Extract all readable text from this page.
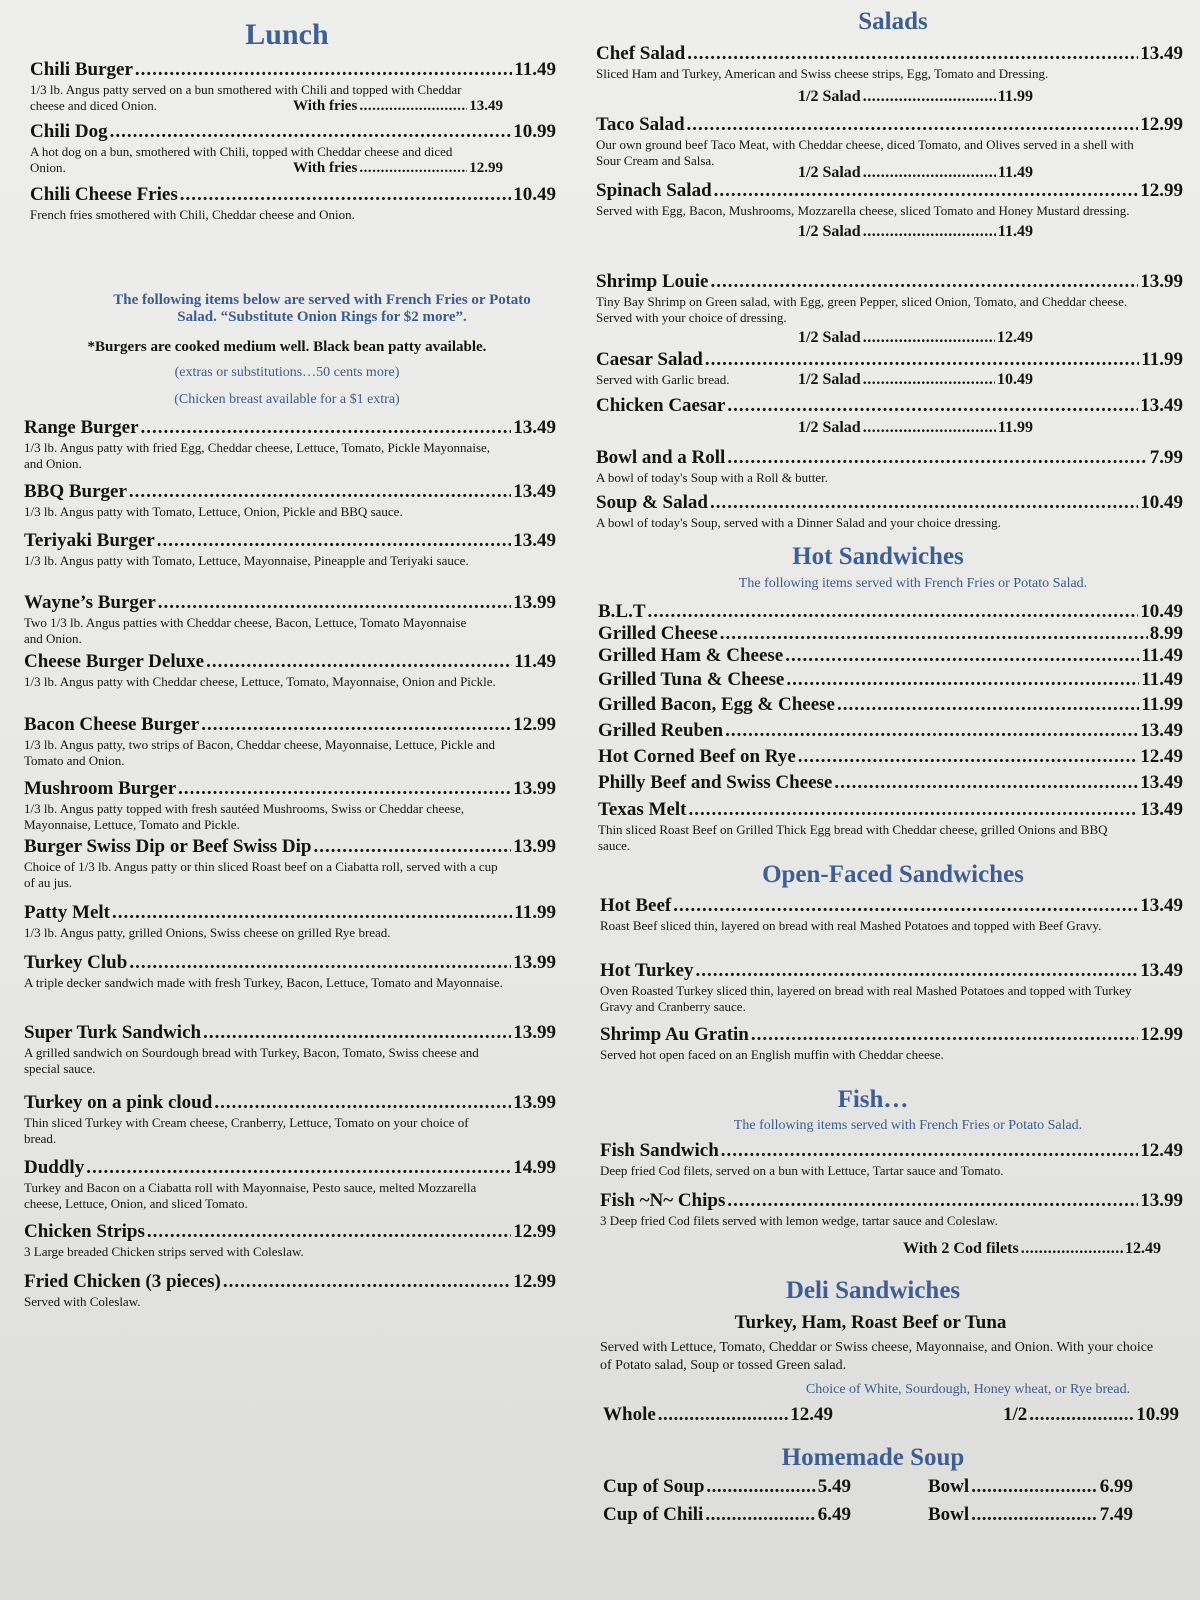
Lunch
Chili Burger .....	11.49

1/3 lb. Angus patty served on a bun smothered with Chili and topped with Cheddar cheese and diced Onion.	With fries .....	13.49
Chili Dog .....	10.99

A hot dog on a bun, smothered with Chili, topped with Cheddar cheese and diced Onion.	With fries .....	12.99
Chili Cheese Fries .....	10.49

French fries smothered with Chili, Cheddar cheese and Onion.

The following items below are served with French Fries or Potato Salad. “Substitute Onion Rings for $2 more”.

*Burgers are cooked medium well. Black bean patty available.

(extras or substitutions…50 cents more)

(Chicken breast available for a $1 extra)

Range Burger .....	13.49

1/3 lb. Angus patty with fried Egg, Cheddar cheese, Lettuce, Tomato, Pickle Mayonnaise, and Onion.

BBQ Burger .....	13.49

1/3 lb. Angus patty with Tomato, Lettuce, Onion, Pickle and BBQ sauce.

Teriyaki Burger .....	13.49

1/3 lb. Angus patty with Tomato, Lettuce, Mayonnaise, Pineapple and Teriyaki sauce.

Wayne’s Burger .....	13.99

Two 1/3 lb. Angus patties with Cheddar cheese, Bacon, Lettuce, Tomato Mayonnaise and Onion.

Cheese Burger Deluxe .....	11.49

1/3 lb. Angus patty with Cheddar cheese, Lettuce, Tomato, Mayonnaise, Onion and Pickle.

Bacon Cheese Burger .....	12.99

1/3 lb. Angus patty, two strips of Bacon, Cheddar cheese, Mayonnaise, Lettuce, Pickle and Tomato and Onion.

Mushroom Burger .....	13.99

1/3 lb. Angus patty topped with fresh sautéed Mushrooms, Swiss or Cheddar cheese, Mayonnaise, Lettuce, Tomato and Pickle.

Burger Swiss Dip or Beef Swiss Dip .....	13.99

Choice of 1/3 lb. Angus patty or thin sliced Roast beef on a Ciabatta roll, served with a cup of au jus.

Patty Melt .....	11.99

1/3 lb. Angus patty, grilled Onions, Swiss cheese on grilled Rye bread.

Turkey Club .....	13.99

A triple decker sandwich made with fresh Turkey, Bacon, Lettuce, Tomato and Mayonnaise.

Super Turk Sandwich .....	13.99

A grilled sandwich on Sourdough bread with Turkey, Bacon, Tomato, Swiss cheese and special sauce.

Turkey on a pink cloud .....	13.99

Thin sliced Turkey with Cream cheese, Cranberry, Lettuce, Tomato on your choice of bread.

Duddly .....	14.99

Turkey and Bacon on a Ciabatta roll with Mayonnaise, Pesto sauce, melted Mozzarella cheese, Lettuce, Onion, and sliced Tomato.

Chicken Strips .....	12.99

3 Large breaded Chicken strips served with Coleslaw.

Fried Chicken (3 pieces) .....	12.99

Served with Coleslaw.

Salads
Chef Salad .....	13.49

Sliced Ham and Turkey, American and Swiss cheese strips, Egg, Tomato and Dressing.

1/2 Salad .....	11.99
Taco Salad .....	12.99

Our own ground beef Taco Meat, with Cheddar cheese, diced Tomato, and Olives served in a shell with Sour Cream and Salsa.

1/2 Salad .....	11.49
Spinach Salad .....	12.99

Served with Egg, Bacon, Mushrooms, Mozzarella cheese, sliced Tomato and Honey Mustard dressing.

1/2 Salad .....	11.49
Shrimp Louie .....	13.99

Tiny Bay Shrimp on Green salad, with Egg, green Pepper, sliced Onion, Tomato, and Cheddar cheese. Served with your choice of dressing.

1/2 Salad .....	12.49
Caesar Salad .....	11.99

Served with Garlic bread.	1/2 Salad .....	10.49
Chicken Caesar .....	13.49
1/2 Salad .....	11.99
Bowl and a Roll .....	7.99

A bowl of today's Soup with a Roll & butter.

Soup & Salad .....	10.49

A bowl of today's Soup, served with a Dinner Salad and your choice dressing.

Hot Sandwiches

The following items served with French Fries or Potato Salad.

B.L.T .....	10.49
Grilled Cheese .....	8.99
Grilled Ham & Cheese .....	11.49
Grilled Tuna & Cheese .....	11.49
Grilled Bacon, Egg & Cheese .....	11.99
Grilled Reuben .....	13.49
Hot Corned Beef on Rye .....	12.49
Philly Beef and Swiss Cheese .....	13.49
Texas Melt .....	13.49

Thin sliced Roast Beef on Grilled Thick Egg bread with Cheddar cheese, grilled Onions and BBQ sauce.

Open-Faced Sandwiches
Hot Beef .....	13.49

Roast Beef sliced thin, layered on bread with real Mashed Potatoes and topped with Beef Gravy.

Hot Turkey .....	13.49

Oven Roasted Turkey sliced thin, layered on bread with real Mashed Potatoes and topped with Turkey Gravy and Cranberry sauce.

Shrimp Au Gratin .....	12.99

Served hot open faced on an English muffin with Cheddar cheese.

Fish…

The following items served with French Fries or Potato Salad.

Fish Sandwich .....	12.49

Deep fried Cod filets, served on a bun with Lettuce, Tartar sauce and Tomato.

Fish ~N~ Chips .....	13.99

3 Deep fried Cod filets served with lemon wedge, tartar sauce and Coleslaw.

With 2 Cod filets .....	12.49
Deli Sandwiches

Turkey, Ham, Roast Beef or Tuna

Served with Lettuce, Tomato, Cheddar or Swiss cheese, Mayonnaise, and Onion. With your choice of Potato salad, Soup or tossed Green salad.

Choice of White, Sourdough, Honey wheat, or Rye bread.

Whole .....	12.49	1/2 .....	10.99
Homemade Soup
Cup of Soup .....	5.49	Bowl .....	6.99
Cup of Chili .....	6.49	Bowl .....	7.49
